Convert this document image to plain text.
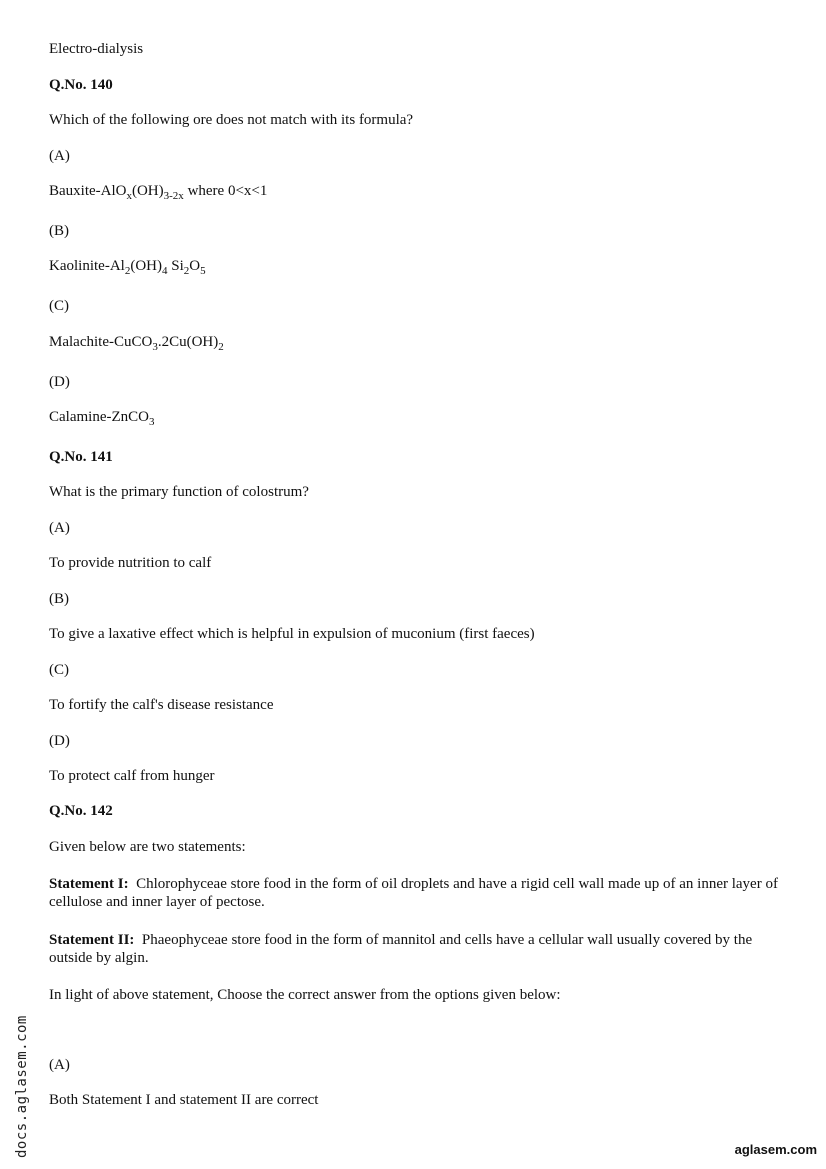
Electro-dialysis
Q.No. 140
Which of the following ore does not match with its formula?
(A)
Bauxite-$AlO_x(OH)_{3-2x}$ where 0<x<1
(B)
Kaolinite-$Al_2(OH)_4$ $Si_2O_5$
(C)
Malachite-$CuCO_3.2Cu(OH)_2$
(D)
Calamine-ZnCO$_3$
Q.No. 141
What is the primary function of colostrum?
(A)
To provide nutrition to calf
(B)
To give a laxative effect which is helpful in expulsion of muconium (first faeces)
(C)
To fortify the calf's disease resistance
(D)
To protect calf from hunger
Q.No. 142
Given below are two statements:
Statement I: Chlorophyceae store food in the form of oil droplets and have a rigid cell wall made up of an inner layer of cellulose and inner layer of pectose.
Statement II: Phaeophyceae store food in the form of mannitol and cells have a cellular wall usually covered by the outside by algin.
In light of above statement, Choose the correct answer from the options given below:
(A)
Both Statement I and statement II are correct
docs.aglasem.com	aglasem.com
